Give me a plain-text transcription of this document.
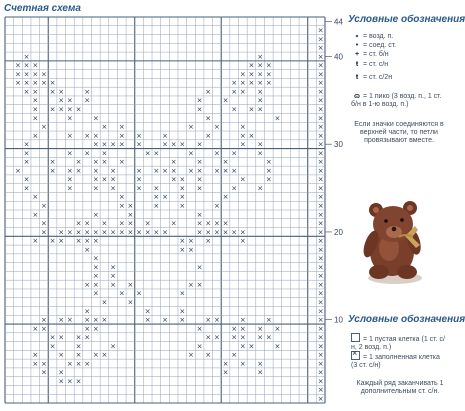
Счетная схема
×
×
×
×	×	×
× × ×	× × ×	×
× × × ×	× × × ×	×
× × × × ×	× × × × ×	×
× × × ×	×	×	× × ×	×
×	× × ×	×	×	×	×
× × × × ×	×	× × ×	×
×	×	×	×	×	×
×	× ×	×	×	×	×
×	× × ×	× ×	×	×	× ×	×
×	× × × × ×	× × × ×	× ×	×
×	× × ×	× ×	×	× ×	×	×
×	×	× × × ×	×	×	×	×	×
×	× × × × ×	× × × × × × × × ×	×	×
×	×	× × ×	×	× × ×	×	×	×
×	×	× ×	× ×	× ×	×	×	×
×	×	× × ×	×	×
×	× ×	×	×	×	×
×	×	×	×	×
×	× × × × × ×	×	× × × ×	×
× × × × × × × × × × × × × ×	× × × × × ×	×
× × × × × ×	× × ×	×	×
×	× ×	×
×	×
× ×	×	×
× ×	×
× × × ×	× ×	×
×	× ×	×	×
×	×	×
×	×	×	×
× × × × × ×	× × ×	× ×	×	×	×
× ×	× ×	×	× × × ×	×
× × × ×	× × × × × ×	×
×	×	×	×	× ×	×	×
×	× × × ×	× ×	×	×
× ×	× × ×	× × ×	×
× ×	×	×	×
× × ×	×
×
×
44
40
30
20
10
Условные обозначения
∘ = возд. п.
• = соед. ст.
+ = ст. б/н
ŧ = ст. с/н
ŧ = ст. с/2н
ɷ = 1 пико (3 возд. п., 1 ст. б/н в 1-ю возд. п.)
Если значки соединяются в верхней части, то петли провязывают вместе.
Условные обозначения
= 1 пустая клетка (1 ст. с/н, 2 возд. п.)
×= 1 заполненная клетка (3 ст. с/н)
Каждый ряд заканчивать 1 дополнительным ст. с/н.
